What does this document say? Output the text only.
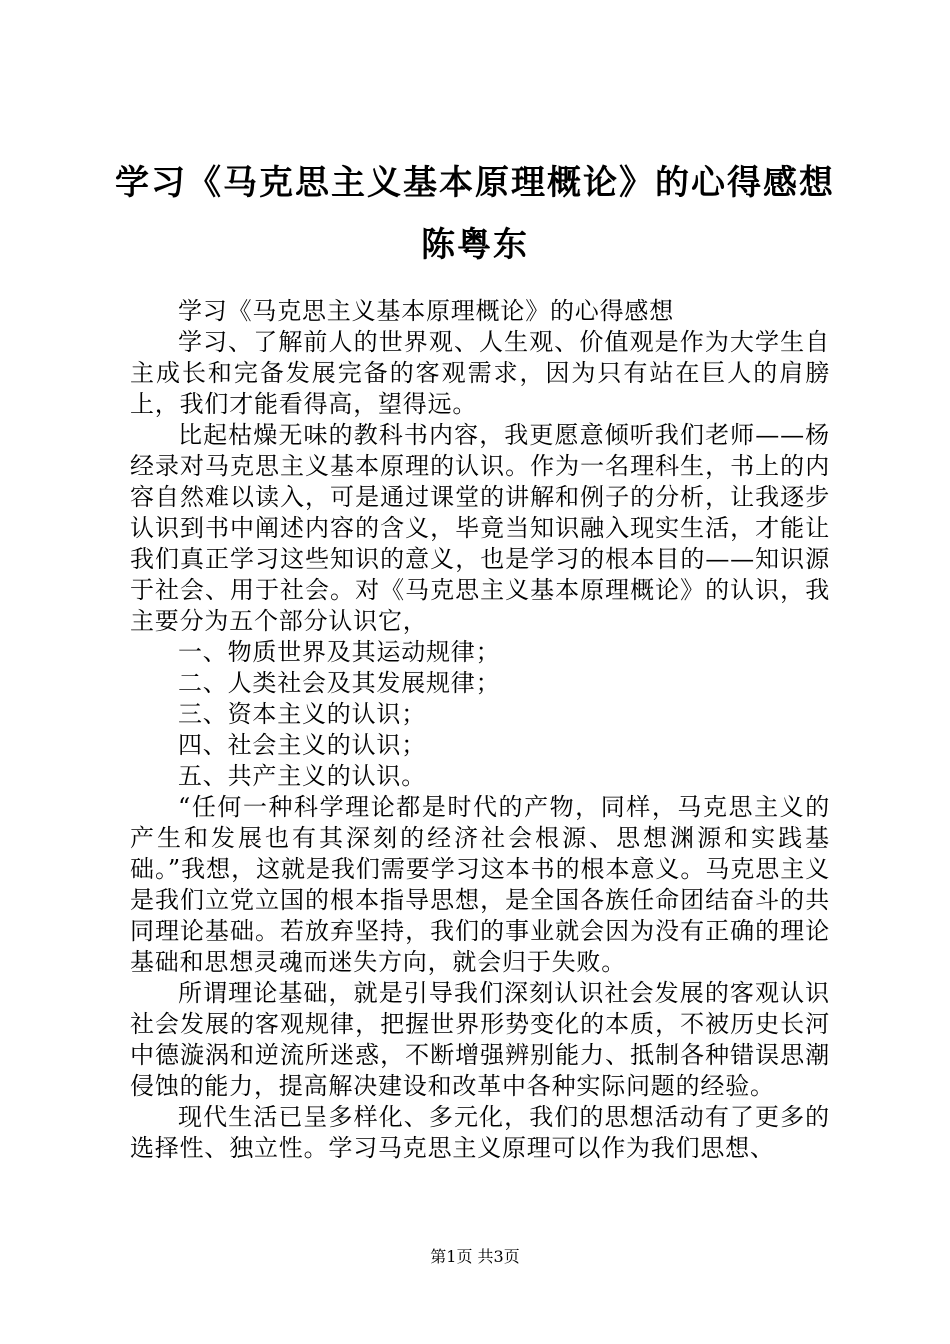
学习《马克思主义基本原理概论》的心得感想
陈粤东

学习《马克思主义基本原理概论》的心得感想

学习、了解前人的世界观、人生观、价值观是作为大学生自主成长和完备发展完备的客观需求，因为只有站在巨人的肩膀上，我们才能看得高，望得远。

比起枯燥无味的教科书内容，我更愿意倾听我们老师——杨经录对马克思主义基本原理的认识。作为一名理科生，书上的内容自然难以读入，可是通过课堂的讲解和例子的分析，让我逐步认识到书中阐述内容的含义，毕竟当知识融入现实生活，才能让我们真正学习这些知识的意义，也是学习的根本目的——知识源于社会、用于社会。对《马克思主义基本原理概论》的认识，我主要分为五个部分认识它，

一、物质世界及其运动规律；

二、人类社会及其发展规律；

三、资本主义的认识；

四、社会主义的认识；

五、共产主义的认识。

“任何一种科学理论都是时代的产物，同样，马克思主义的产生和发展也有其深刻的经济社会根源、思想渊源和实践基础。”我想，这就是我们需要学习这本书的根本意义。马克思主义是我们立党立国的根本指导思想，是全国各族任命团结奋斗的共同理论基础。若放弃坚持，我们的事业就会因为没有正确的理论基础和思想灵魂而迷失方向，就会归于失败。

所谓理论基础，就是引导我们深刻认识社会发展的客观认识社会发展的客观规律，把握世界形势变化的本质，不被历史长河中德漩涡和逆流所迷惑，不断增强辨别能力、抵制各种错误思潮侵蚀的能力，提高解决建设和改革中各种实际问题的经验。

现代生活已呈多样化、多元化，我们的思想活动有了更多的选择性、独立性。学习马克思主义原理可以作为我们思想、

第1页 共3页
